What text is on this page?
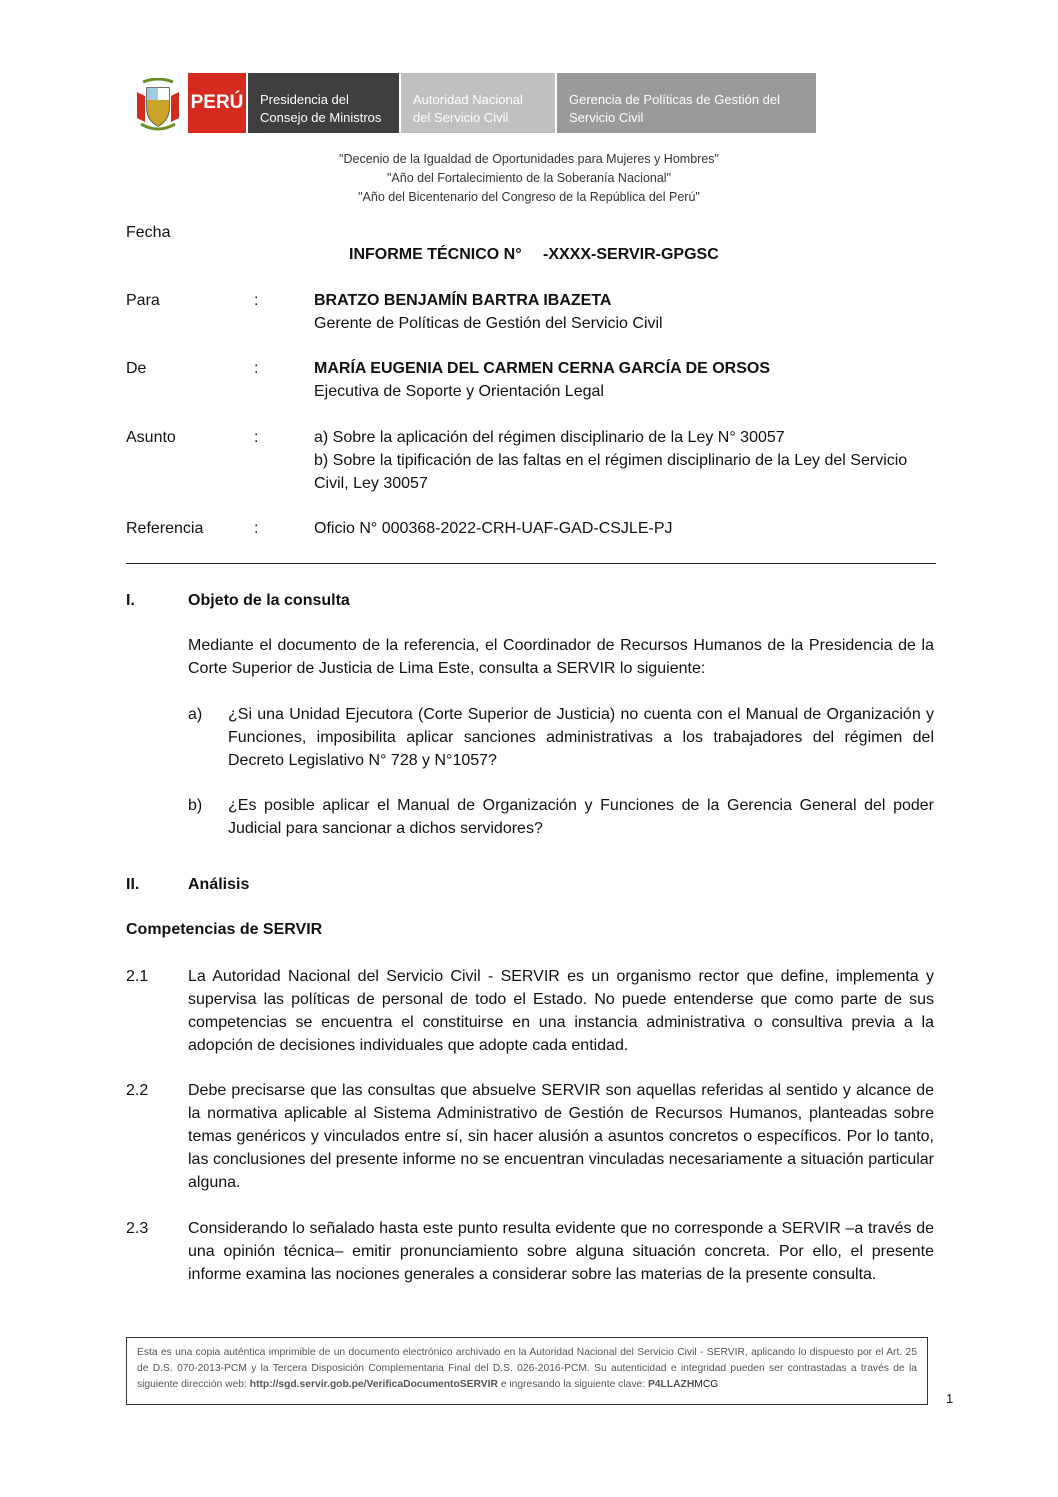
PERÚ	Presidencia del Consejo de Ministros
Autoridad Nacional del Servicio Civil
Gerencia de Políticas de Gestión del Servicio Civil
"Decenio de la Igualdad de Oportunidades para Mujeres y Hombres"
"Año del Fortalecimiento de la Soberanía Nacional"
"Año del Bicentenario del Congreso de la República del Perú"
Fecha
INFORME TÉCNICO N° -XXXX-SERVIR-GPGSC
Para	:	BRATZO BENJAMÍN BARTRA IBAZETA
Gerente de Políticas de Gestión del Servicio Civil
De	:	MARÍA EUGENIA DEL CARMEN CERNA GARCÍA DE ORSOS
Ejecutiva de Soporte y Orientación Legal
Asunto	:	a) Sobre la aplicación del régimen disciplinario de la Ley N° 30057
b) Sobre la tipificación de las faltas en el régimen disciplinario de la Ley del Servicio Civil, Ley 30057
Referencia	:	Oficio N° 000368-2022-CRH-UAF-GAD-CSJLE-PJ
I.	Objeto de la consulta
Mediante el documento de la referencia, el Coordinador de Recursos Humanos de la Presidencia de la Corte Superior de Justicia de Lima Este, consulta a SERVIR lo siguiente:
a) ¿Si una Unidad Ejecutora (Corte Superior de Justicia) no cuenta con el Manual de Organización y Funciones, imposibilita aplicar sanciones administrativas a los trabajadores del régimen del Decreto Legislativo N° 728 y N°1057?
b) ¿Es posible aplicar el Manual de Organización y Funciones de la Gerencia General del poder Judicial para sancionar a dichos servidores?
II.	Análisis
Competencias de SERVIR
2.1 La Autoridad Nacional del Servicio Civil - SERVIR es un organismo rector que define, implementa y supervisa las políticas de personal de todo el Estado. No puede entenderse que como parte de sus competencias se encuentra el constituirse en una instancia administrativa o consultiva previa a la adopción de decisiones individuales que adopte cada entidad.
2.2 Debe precisarse que las consultas que absuelve SERVIR son aquellas referidas al sentido y alcance de la normativa aplicable al Sistema Administrativo de Gestión de Recursos Humanos, planteadas sobre temas genéricos y vinculados entre sí, sin hacer alusión a asuntos concretos o específicos. Por lo tanto, las conclusiones del presente informe no se encuentran vinculadas necesariamente a situación particular alguna.
2.3 Considerando lo señalado hasta este punto resulta evidente que no corresponde a SERVIR –a través de una opinión técnica– emitir pronunciamiento sobre alguna situación concreta. Por ello, el presente informe examina las nociones generales a considerar sobre las materias de la presente consulta.
Esta es una copia auténtica imprimible de un documento electrónico archivado en la Autoridad Nacional del Servicio Civil - SERVIR, aplicando lo dispuesto por el Art. 25 de D.S. 070-2013-PCM y la Tercera Disposición Complementaria Final del D.S. 026-2016-PCM. Su autenticidad e integridad pueden ser contrastadas a través de la siguiente dirección web: http://sgd.servir.gob.pe/VerificaDocumentoSERVIR e ingresando la siguiente clave: P4LLAZHMCG
1
